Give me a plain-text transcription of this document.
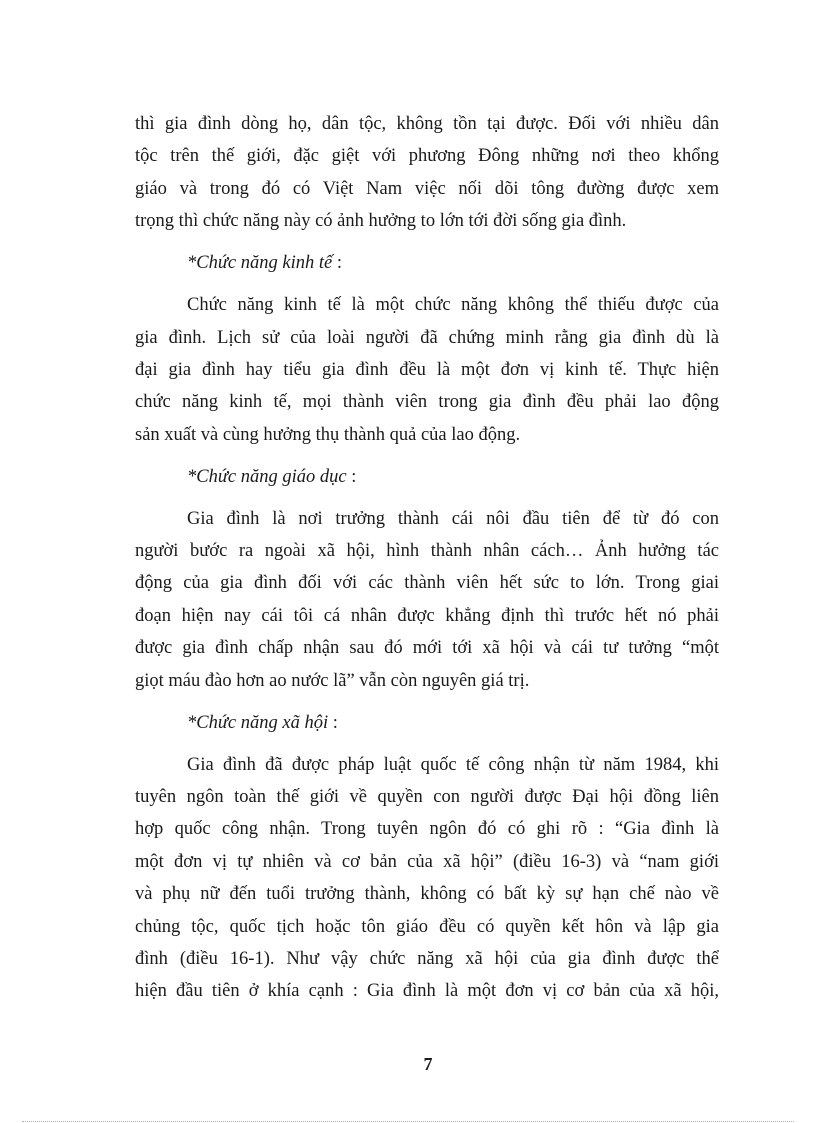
thì gia đình dòng họ, dân tộc, không tồn tại được. Đối với nhiều dân
tộc trên thế giới, đặc giệt với phương Đông những nơi theo khổng
giáo và trong đó có Việt Nam việc nối dõi tông đường được xem
trọng thì chức năng này có ảnh hưởng to lớn tới đời sống gia đình.
*Chức năng kinh tế :
Chức năng kinh tế là một chức năng không thể thiếu được của
gia đình. Lịch sử của loài người đã chứng minh rằng gia đình dù là
đại gia đình hay tiểu gia đình đều là một đơn vị kinh tế. Thực hiện
chức năng kinh tế, mọi thành viên trong gia đình đều phải lao động
sản xuất và cùng hưởng thụ thành quả của lao động.
*Chức năng giáo dục :
Gia đình là nơi trưởng thành cái nôi đầu tiên để từ đó con
người bước ra ngoài xã hội, hình thành nhân cách… Ảnh hưởng tác
động của gia đình đối với các thành viên hết sức to lớn. Trong giai
đoạn hiện nay cái tôi cá nhân được khẳng định thì trước hết nó phải
được gia đình chấp nhận sau đó mới tới xã hội và cái tư tưởng “một
giọt máu đào hơn ao nước lã” vẫn còn nguyên giá trị.
*Chức năng xã hội :
Gia đình đã được pháp luật quốc tế công nhận từ năm 1984, khi
tuyên ngôn toàn thế giới về quyền con người được Đại hội đồng liên
hợp quốc công nhận. Trong tuyên ngôn đó có ghi rõ : “Gia đình là
một đơn vị tự nhiên và cơ bản của xã hội” (điều 16-3) và “nam giới
và phụ nữ đến tuổi trưởng thành, không có bất kỳ sự hạn chế nào về
chủng tộc, quốc tịch hoặc tôn giáo đều có quyền kết hôn và lập gia
đình (điều 16-1). Như vậy chức năng xã hội của gia đình được thể
hiện đầu tiên ở khía cạnh : Gia đình là một đơn vị cơ bản của xã hội,
7
